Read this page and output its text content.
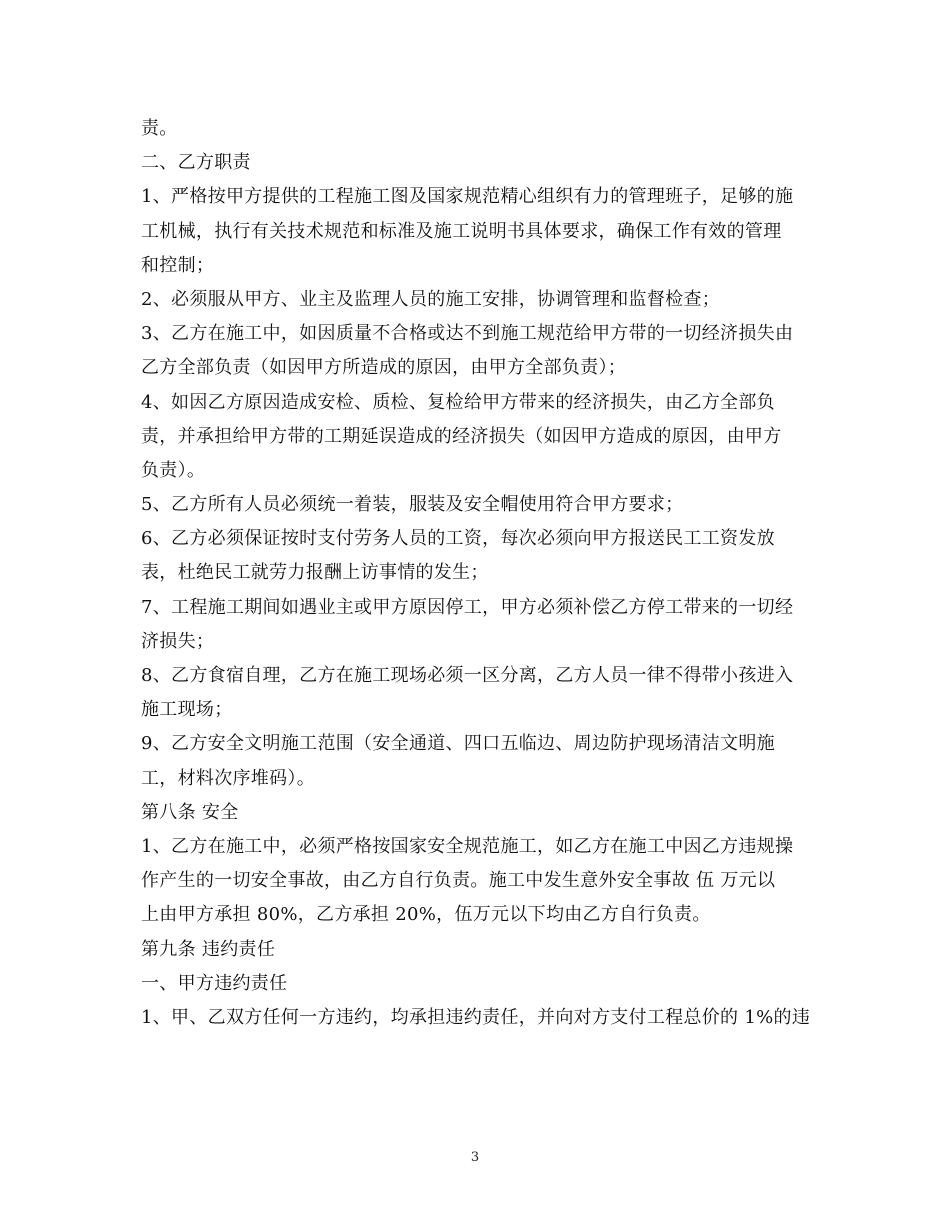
责。
二、乙方职责
1、严格按甲方提供的工程施工图及国家规范精心组织有力的管理班子，足够的施
工机械，执行有关技术规范和标准及施工说明书具体要求，确保工作有效的管理
和控制；
2、必须服从甲方、业主及监理人员的施工安排，协调管理和监督检查；
3、乙方在施工中，如因质量不合格或达不到施工规范给甲方带的一切经济损失由
乙方全部负责（如因甲方所造成的原因，由甲方全部负责）；
4、如因乙方原因造成安检、质检、复检给甲方带来的经济损失，由乙方全部负
责，并承担给甲方带的工期延误造成的经济损失（如因甲方造成的原因，由甲方
负责）。
5、乙方所有人员必须统一着装，服装及安全帽使用符合甲方要求；
6、乙方必须保证按时支付劳务人员的工资，每次必须向甲方报送民工工资发放
表，杜绝民工就劳力报酬上访事情的发生；
7、工程施工期间如遇业主或甲方原因停工，甲方必须补偿乙方停工带来的一切经
济损失；
8、乙方食宿自理，乙方在施工现场必须一区分离，乙方人员一律不得带小孩进入
施工现场；
9、乙方安全文明施工范围（安全通道、四口五临边、周边防护现场清洁文明施
工，材料次序堆码）。
第八条 安全
1、乙方在施工中，必须严格按国家安全规范施工，如乙方在施工中因乙方违规操
作产生的一切安全事故，由乙方自行负责。施工中发生意外安全事故 伍 万元以
上由甲方承担 80%，乙方承担 20%，伍万元以下均由乙方自行负责。
第九条 违约责任
一、甲方违约责任
1、甲、乙双方任何一方违约，均承担违约责任，并向对方支付工程总价的 1%的违
3
